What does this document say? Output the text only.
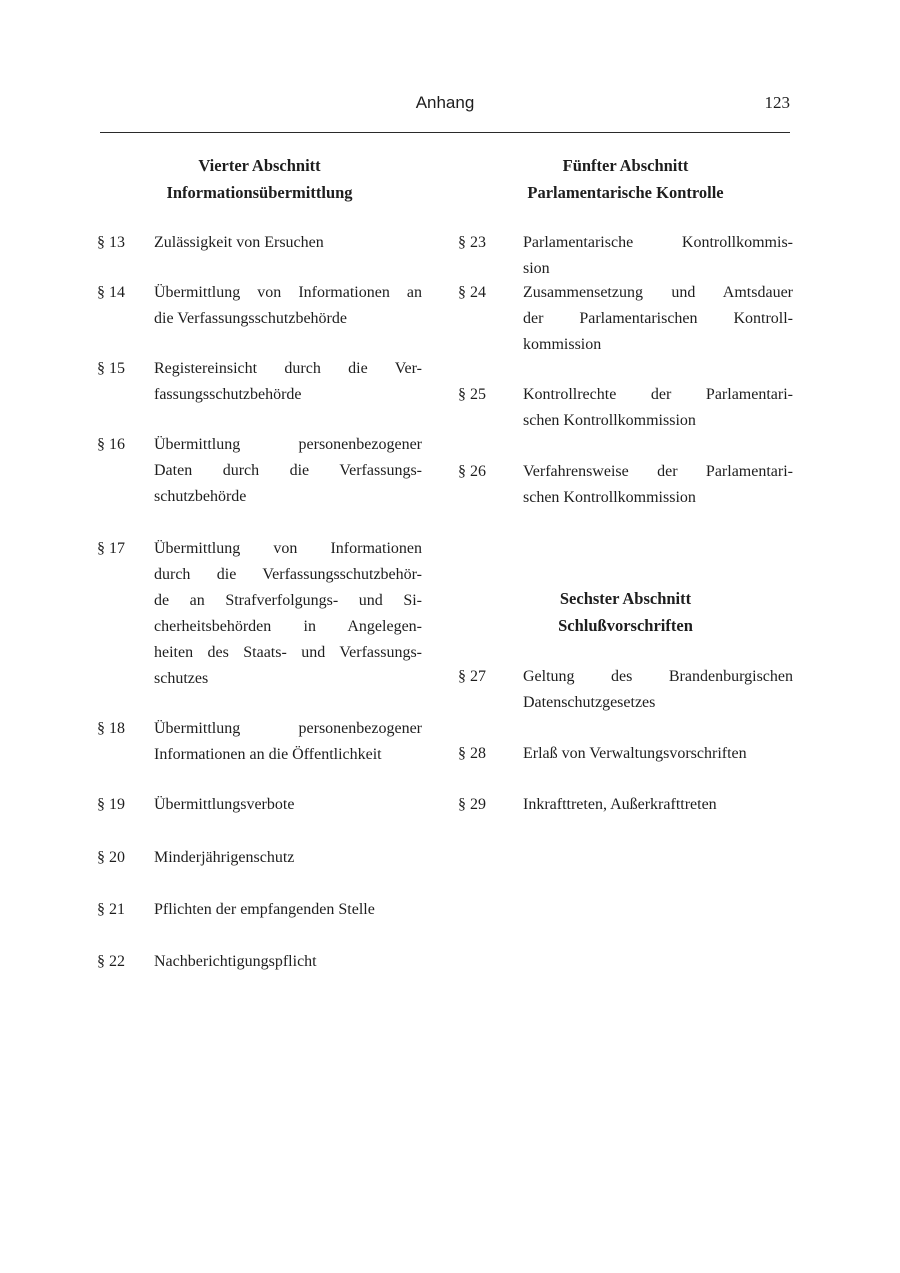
Anhang	123
Vierter Abschnitt
Informationsübermittlung
§ 13	Zulässigkeit von Ersuchen
§ 14	Übermittlung von Informationen an
die Verfassungsschutzbehörde
§ 15	Registereinsicht durch die Ver-
fassungsschutzbehörde
§ 16	Übermittlung personenbezogener
Daten durch die Verfassungs-
schutzbehörde
§ 17	Übermittlung von Informationen
durch die Verfassungsschutzbehör-
de an Strafverfolgungs- und Si-
cherheitsbehörden in Angelegen-
heiten des Staats- und Verfassungs-
schutzes
§ 18	Übermittlung personenbezogener
Informationen an die Öffentlichkeit
§ 19	Übermittlungsverbote
§ 20	Minderjährigenschutz
§ 21	Pflichten der empfangenden Stelle
§ 22	Nachberichtigungspflicht
Fünfter Abschnitt
Parlamentarische Kontrolle
§ 23	Parlamentarische Kontrollkommis-
sion
§ 24	Zusammensetzung und Amtsdauer
der Parlamentarischen Kontroll-
kommission
§ 25	Kontrollrechte der Parlamentari-
schen Kontrollkommission
§ 26	Verfahrensweise der Parlamentari-
schen Kontrollkommission
Sechster Abschnitt
Schlußvorschriften
§ 27	Geltung des Brandenburgischen
Datenschutzgesetzes
§ 28	Erlaß von Verwaltungsvorschriften
§ 29	Inkrafttreten, Außerkrafttreten
